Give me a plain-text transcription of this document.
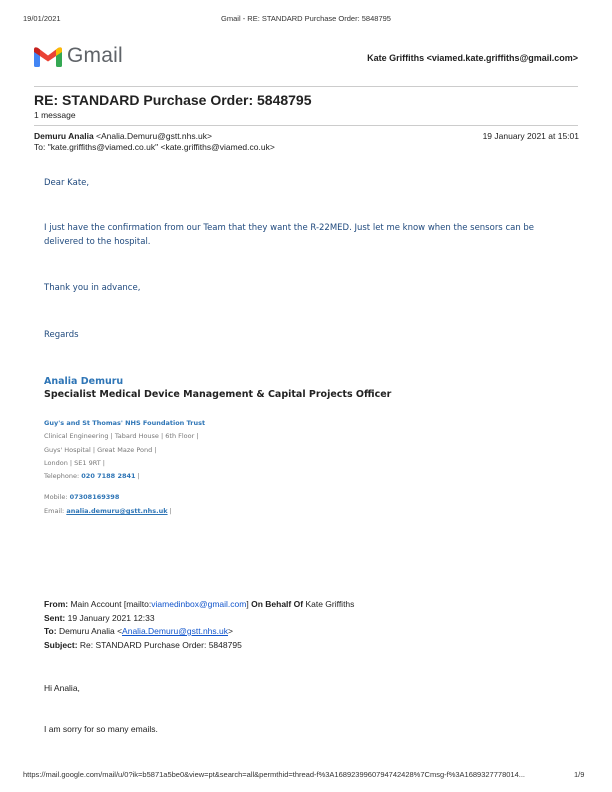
19/01/2021	Gmail - RE: STANDARD Purchase Order: 5848795
Gmail	Kate Griffiths <viamed.kate.griffiths@gmail.com>
RE: STANDARD Purchase Order: 5848795
1 message
Demuru Analia <Analia.Demuru@gstt.nhs.uk>	19 January 2021 at 15:01
To: "kate.griffiths@viamed.co.uk" <kate.griffiths@viamed.co.uk>
Dear Kate,
I just have the confirmation from our Team that they want the R-22MED. Just let me know when the sensors can be
delivered to the hospital.
Thank you in advance,
Regards
Analia Demuru
Specialist Medical Device Management & Capital Projects Officer
Guy's and St Thomas' NHS Foundation Trust
Clinical Engineering | Tabard House | 6th Floor |
Guys' Hospital | Great Maze Pond |
London | SE1 9RT |
Telephone: 020 7188 2841 |
Mobile: 07308169398
Email: analia.demuru@gstt.nhs.uk |
From: Main Account [mailto:viamedinbox@gmail.com] On Behalf Of Kate Griffiths
Sent: 19 January 2021 12:33
To: Demuru Analia <Analia.Demuru@gstt.nhs.uk>
Subject: Re: STANDARD Purchase Order: 5848795
Hi Analia,
I am sorry for so many emails.
https://mail.google.com/mail/u/0?ik=b5871a5be0&view=pt&search=all&permthid=thread-f%3A1689239960794742428%7Cmsg-f%3A1689327778014...	1/9
